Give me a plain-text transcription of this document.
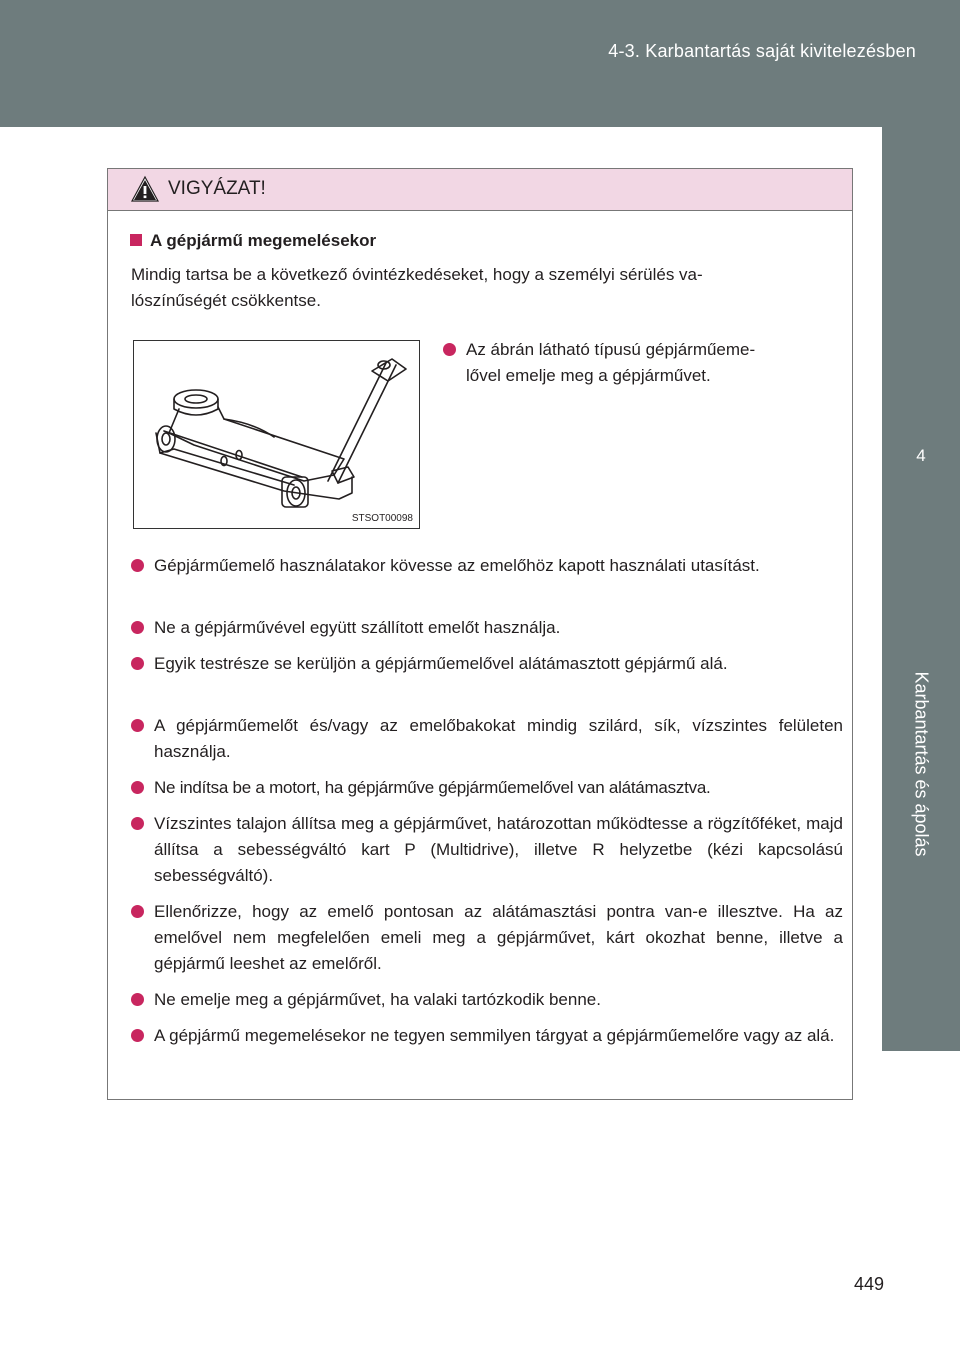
4-3. Karbantartás saját kivitelezésben
4
Karbantartás és ápolás
VIGYÁZAT!
A gépjármű megemelésekor
Mindig tartsa be a következő óvintézkedéseket, hogy a személyi sérülés va-
lószínűségét csökkentse.
STSOT00098
Az ábrán látható típusú gépjárműeme-
lővel emelje meg a gépjárművet.
Gépjárműemelő használatakor kövesse az emelőhöz kapott használati utasítást.
Ne a gépjárművével együtt szállított emelőt használja.
Egyik testrésze se kerüljön a gépjárműemelővel alátámasztott gépjármű alá.
A gépjárműemelőt és/vagy az emelőbakokat mindig szilárd, sík, vízszintes felületen használja.
Ne indítsa be a motort, ha gépjárműve gépjárműemelővel van alátámasztva.
Vízszintes talajon állítsa meg a gépjárművet, határozottan működtesse a rögzítőféket, majd állítsa a sebességváltó kart P (Multidrive), illetve R helyzetbe (kézi kapcsolású sebességváltó).
Ellenőrizze, hogy az emelő pontosan az alátámasztási pontra van-e illesztve. Ha az emelővel nem megfelelően emeli meg a gépjárművet, kárt okozhat benne, illetve a gépjármű leeshet az emelőről.
Ne emelje meg a gépjárművet, ha valaki tartózkodik benne.
A gépjármű megemelésekor ne tegyen semmilyen tárgyat a gépjárműemelőre vagy az alá.
449
